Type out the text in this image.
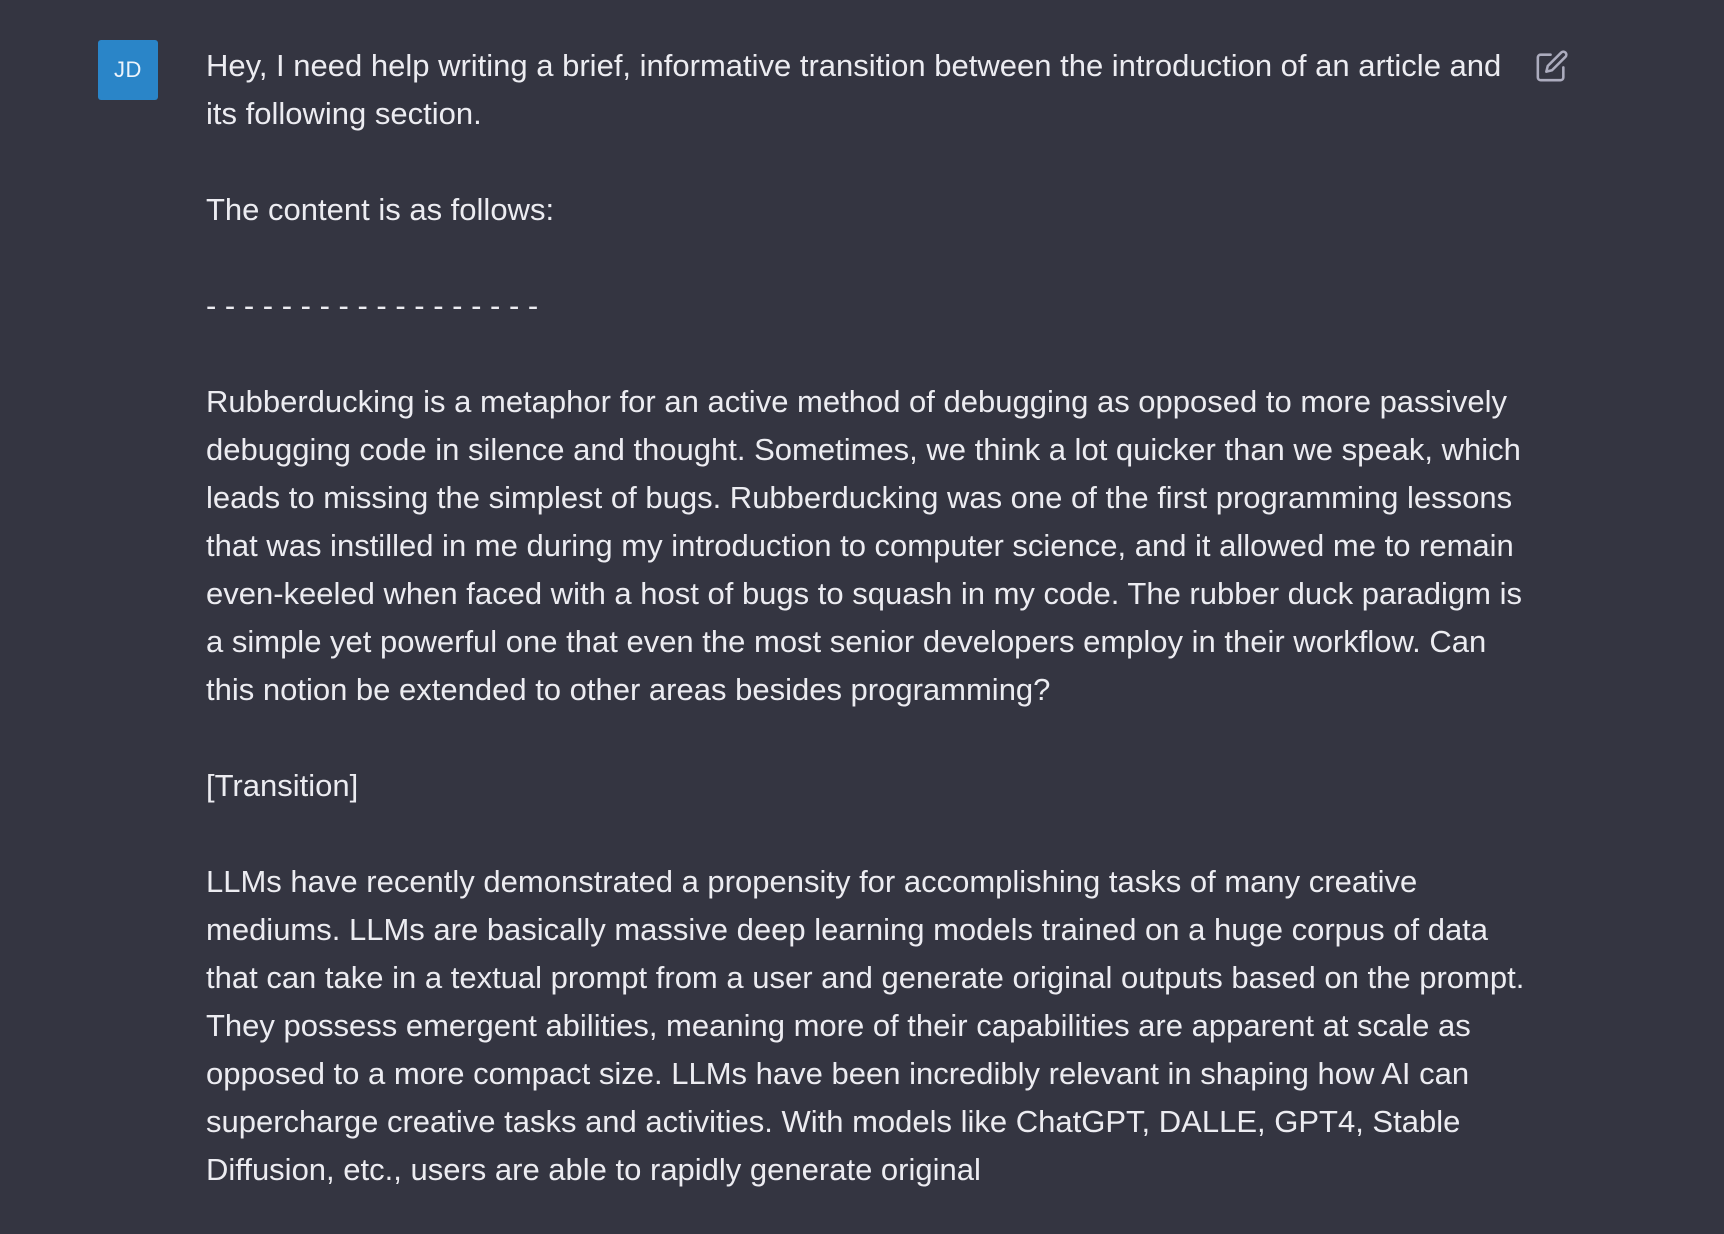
JD Hey, I need help writing a brief, informative transition between the introduction of an article and its following section.

The content is as follows:

- - - - - - - - - - - - - - - - - -

Rubberducking is a metaphor for an active method of debugging as opposed to more passively debugging code in silence and thought. Sometimes, we think a lot quicker than we speak, which leads to missing the simplest of bugs. Rubberducking was one of the first programming lessons that was instilled in me during my introduction to computer science, and it allowed me to remain even-keeled when faced with a host of bugs to squash in my code. The rubber duck paradigm is a simple yet powerful one that even the most senior developers employ in their workflow. Can this notion be extended to other areas besides programming?

[Transition]

LLMs have recently demonstrated a propensity for accomplishing tasks of many creative mediums. LLMs are basically massive deep learning models trained on a huge corpus of data that can take in a textual prompt from a user and generate original outputs based on the prompt. They possess emergent abilities, meaning more of their capabilities are apparent at scale as opposed to a more compact size. LLMs have been incredibly relevant in shaping how AI can supercharge creative tasks and activities. With models like ChatGPT, DALLE, GPT4, Stable Diffusion, etc., users are able to rapidly generate original
